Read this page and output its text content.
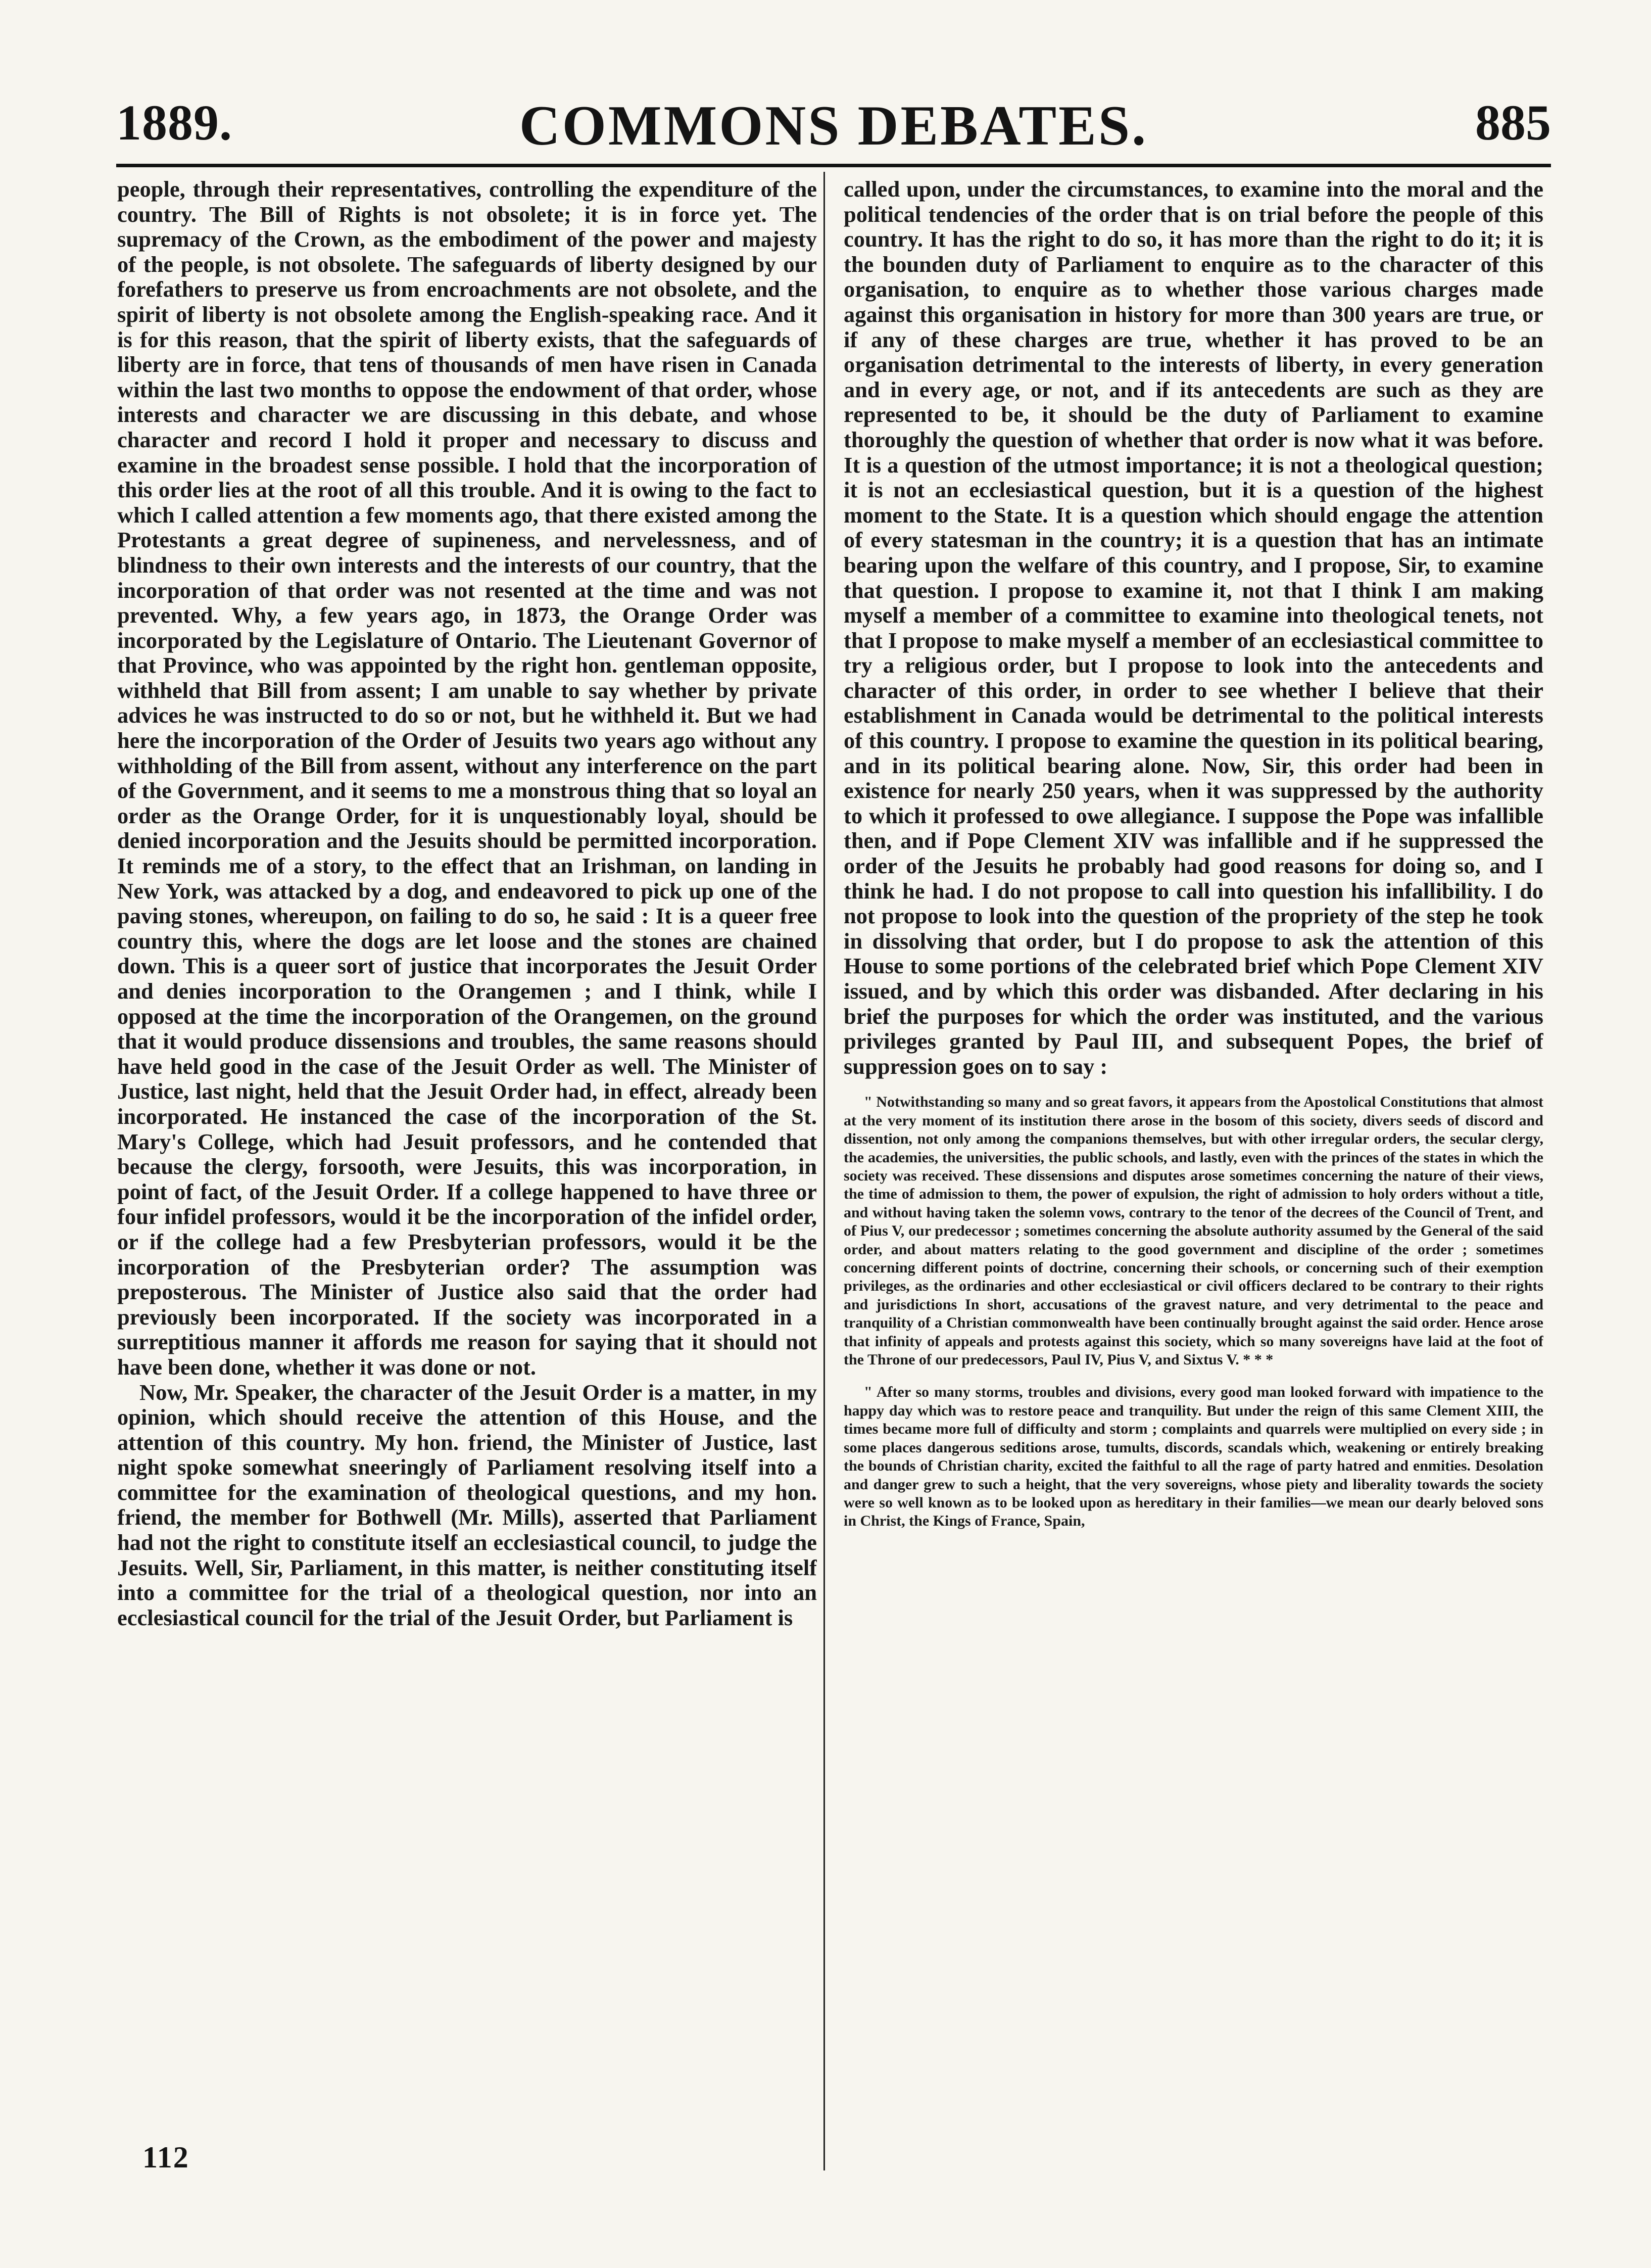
1889.	COMMONS DEBATES.	885

people, through their representatives, controlling the expenditure of the country. The Bill of Rights is not obsolete; it is in force yet. The supremacy of the Crown, as the embodiment of the power and majesty of the people, is not obsolete. The safeguards of liberty designed by our forefathers to preserve us from encroachments are not obsolete, and the spirit of liberty is not obsolete among the English-speaking race. And it is for this reason, that the spirit of liberty exists, that the safeguards of liberty are in force, that tens of thousands of men have risen in Canada within the last two months to oppose the endowment of that order, whose interests and character we are discussing in this debate, and whose character and record I hold it proper and necessary to discuss and examine in the broadest sense possible. I hold that the incorporation of this order lies at the root of all this trouble. And it is owing to the fact to which I called attention a few moments ago, that there existed among the Protestants a great degree of supineness, and nervelessness, and of blindness to their own interests and the interests of our country, that the incorporation of that order was not resented at the time and was not prevented. Why, a few years ago, in 1873, the Orange Order was incorporated by the Legislature of Ontario. The Lieutenant Governor of that Province, who was appointed by the right hon. gentleman opposite, withheld that Bill from assent; I am unable to say whether by private advices he was instructed to do so or not, but he withheld it. But we had here the incorporation of the Order of Jesuits two years ago without any withholding of the Bill from assent, without any interference on the part of the Government, and it seems to me a monstrous thing that so loyal an order as the Orange Order, for it is unquestionably loyal, should be denied incorporation and the Jesuits should be permitted incorporation. It reminds me of a story, to the effect that an Irishman, on landing in New York, was attacked by a dog, and endeavored to pick up one of the paving stones, whereupon, on failing to do so, he said : It is a queer free country this, where the dogs are let loose and the stones are chained down. This is a queer sort of justice that incorporates the Jesuit Order and denies incorporation to the Orangemen ; and I think, while I opposed at the time the incorporation of the Orangemen, on the ground that it would produce dissensions and troubles, the same reasons should have held good in the case of the Jesuit Order as well. The Minister of Justice, last night, held that the Jesuit Order had, in effect, already been incorporated. He instanced the case of the incorporation of the St. Mary's College, which had Jesuit professors, and he contended that because the clergy, forsooth, were Jesuits, this was incorporation, in point of fact, of the Jesuit Order. If a college happened to have three or four infidel professors, would it be the incorporation of the infidel order, or if the college had a few Presbyterian professors, would it be the incorporation of the Presbyterian order? The assumption was preposterous. The Minister of Justice also said that the order had previously been incorporated. If the society was incorporated in a surreptitious manner it affords me reason for saying that it should not have been done, whether it was done or not.

Now, Mr. Speaker, the character of the Jesuit Order is a matter, in my opinion, which should receive the attention of this House, and the attention of this country. My hon. friend, the Minister of Justice, last night spoke somewhat sneeringly of Parliament resolving itself into a committee for the examination of theological questions, and my hon. friend, the member for Bothwell (Mr. Mills), asserted that Parliament had not the right to constitute itself an ecclesiastical council, to judge the Jesuits. Well, Sir, Parliament, in this matter, is neither constituting itself into a committee for the trial of a theological question, nor into an ecclesiastical council for the trial of the Jesuit Order, but Parliament is

called upon, under the circumstances, to examine into the moral and the political tendencies of the order that is on trial before the people of this country. It has the right to do so, it has more than the right to do it; it is the bounden duty of Parliament to enquire as to the character of this organisation, to enquire as to whether those various charges made against this organisation in history for more than 300 years are true, or if any of these charges are true, whether it has proved to be an organisation detrimental to the interests of liberty, in every generation and in every age, or not, and if its antecedents are such as they are represented to be, it should be the duty of Parliament to examine thoroughly the question of whether that order is now what it was before. It is a question of the utmost importance; it is not a theological question; it is not an ecclesiastical question, but it is a question of the highest moment to the State. It is a question which should engage the attention of every statesman in the country; it is a question that has an intimate bearing upon the welfare of this country, and I propose, Sir, to examine that question. I propose to examine it, not that I think I am making myself a member of a committee to examine into theological tenets, not that I propose to make myself a member of an ecclesiastical committee to try a religious order, but I propose to look into the antecedents and character of this order, in order to see whether I believe that their establishment in Canada would be detrimental to the political interests of this country. I propose to examine the question in its political bearing, and in its political bearing alone. Now, Sir, this order had been in existence for nearly 250 years, when it was suppressed by the authority to which it professed to owe allegiance. I suppose the Pope was infallible then, and if Pope Clement XIV was infallible and if he suppressed the order of the Jesuits he probably had good reasons for doing so, and I think he had. I do not propose to call into question his infallibility. I do not propose to look into the question of the propriety of the step he took in dissolving that order, but I do propose to ask the attention of this House to some portions of the celebrated brief which Pope Clement XIV issued, and by which this order was disbanded. After declaring in his brief the purposes for which the order was instituted, and the various privileges granted by Paul III, and subsequent Popes, the brief of suppression goes on to say :

" Notwithstanding so many and so great favors, it appears from the Apostolical Constitutions that almost at the very moment of its institution there arose in the bosom of this society, divers seeds of discord and dissention, not only among the companions themselves, but with other irregular orders, the secular clergy, the academies, the universities, the public schools, and lastly, even with the princes of the states in which the society was received. These dissensions and disputes arose sometimes concerning the nature of their views, the time of admission to them, the power of expulsion, the right of admission to holy orders without a title, and without having taken the solemn vows, contrary to the tenor of the decrees of the Council of Trent, and of Pius V, our predecessor ; sometimes concerning the absolute authority assumed by the General of the said order, and about matters relating to the good government and discipline of the order ; sometimes concerning different points of doctrine, concerning their schools, or concerning such of their exemption privileges, as the ordinaries and other ecclesiastical or civil officers declared to be contrary to their rights and jurisdictions In short, accusations of the gravest nature, and very detrimental to the peace and tranquility of a Christian commonwealth have been continually brought against the said order. Hence arose that infinity of appeals and protests against this society, which so many sovereigns have laid at the foot of the Throne of our predecessors, Paul IV, Pius V, and Sixtus V. * * *

" After so many storms, troubles and divisions, every good man looked forward with impatience to the happy day which was to restore peace and tranquility. But under the reign of this same Clement XIII, the times became more full of difficulty and storm ; complaints and quarrels were multiplied on every side ; in some places dangerous seditions arose, tumults, discords, scandals which, weakening or entirely breaking the bounds of Christian charity, excited the faithful to all the rage of party hatred and enmities. Desolation and danger grew to such a height, that the very sovereigns, whose piety and liberality towards the society were so well known as to be looked upon as hereditary in their families—we mean our dearly beloved sons in Christ, the Kings of France, Spain,

112
